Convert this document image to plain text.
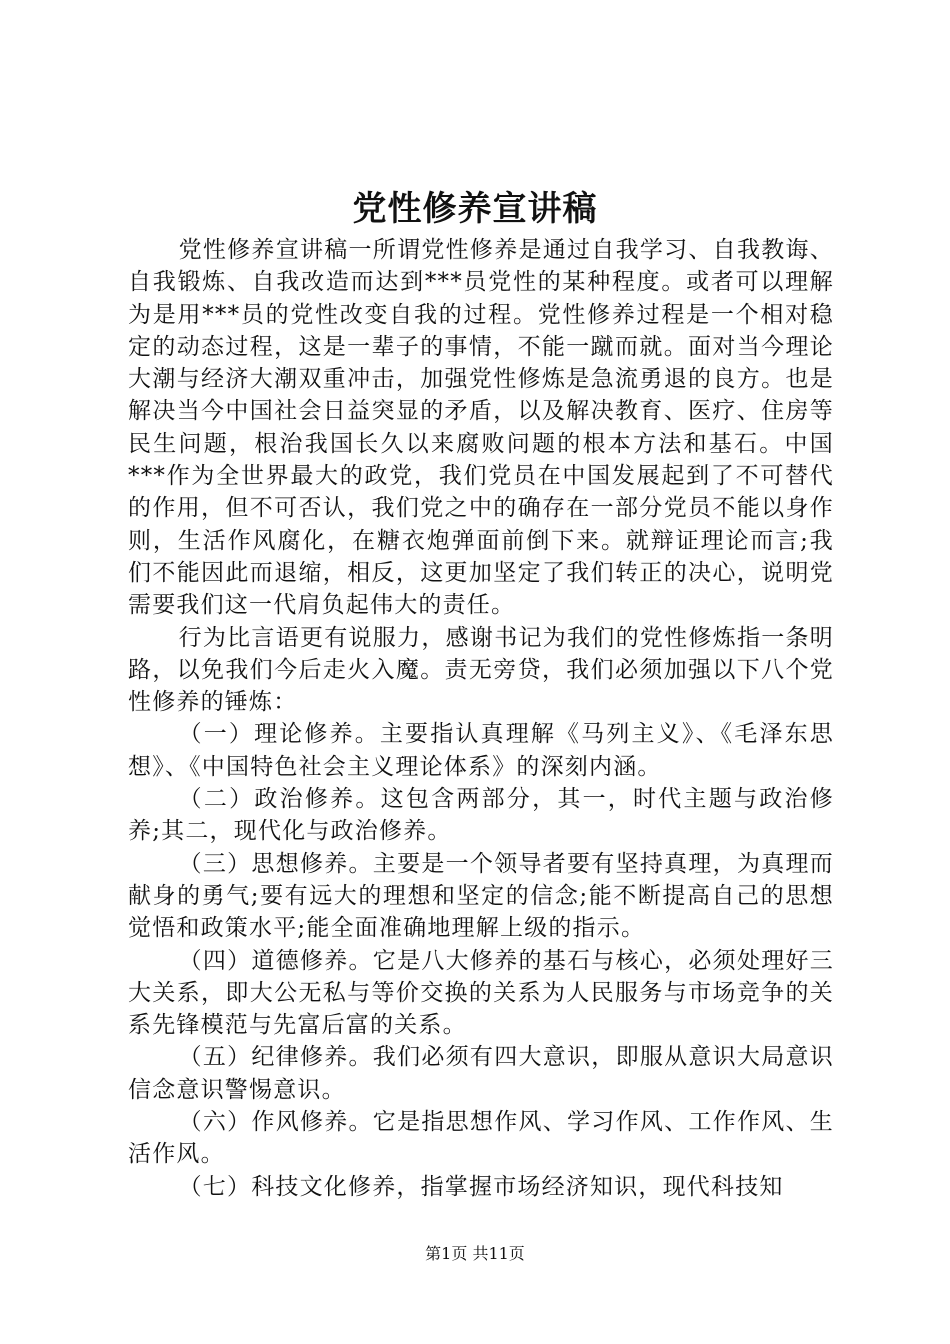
党性修养宣讲稿

党性修养宣讲稿一所谓党性修养是通过自我学习、自我教诲、自我锻炼、自我改造而达到***员党性的某种程度。或者可以理解为是用***员的党性改变自我的过程。党性修养过程是一个相对稳定的动态过程，这是一辈子的事情，不能一蹴而就。面对当今理论大潮与经济大潮双重冲击，加强党性修炼是急流勇退的良方。也是解决当今中国社会日益突显的矛盾，以及解决教育、医疗、住房等民生问题，根治我国长久以来腐败问题的根本方法和基石。中国***作为全世界最大的政党，我们党员在中国发展起到了不可替代的作用，但不可否认，我们党之中的确存在一部分党员不能以身作则，生活作风腐化，在糖衣炮弹面前倒下来。就辩证理论而言;我们不能因此而退缩，相反，这更加坚定了我们转正的决心，说明党需要我们这一代肩负起伟大的责任。

行为比言语更有说服力，感谢书记为我们的党性修炼指一条明路，以免我们今后走火入魔。责无旁贷，我们必须加强以下八个党性修养的锤炼：

（一）理论修养。主要指认真理解《马列主义》、《毛泽东思想》、《中国特色社会主义理论体系》的深刻内涵。

（二）政治修养。这包含两部分，其一，时代主题与政治修养;其二，现代化与政治修养。

（三）思想修养。主要是一个领导者要有坚持真理，为真理而献身的勇气;要有远大的理想和坚定的信念;能不断提高自己的思想觉悟和政策水平;能全面准确地理解上级的指示。

（四）道德修养。它是八大修养的基石与核心，必须处理好三大关系，即大公无私与等价交换的关系为人民服务与市场竞争的关系先锋模范与先富后富的关系。

（五）纪律修养。我们必须有四大意识，即服从意识大局意识信念意识警惕意识。

（六）作风修养。它是指思想作风、学习作风、工作作风、生活作风。

（七）科技文化修养，指掌握市场经济知识，现代科技知

第1页 共11页
